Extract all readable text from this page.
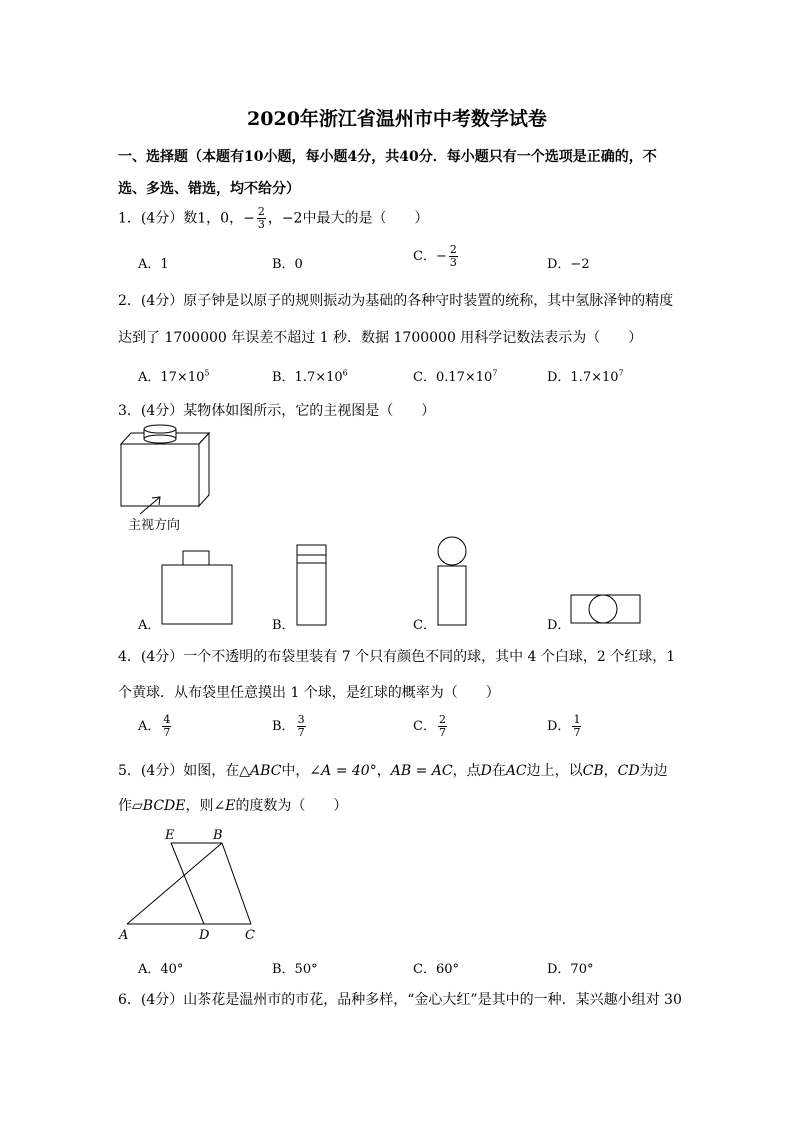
2020年浙江省温州市中考数学试卷
一、选择题（本题有10小题，每小题4分，共40分．每小题只有一个选项是正确的，不
选、多选、错选，均不给分）
1．(4分）数1，0，− $\frac{2}{3}$ ，−2中最大的是（　　）
A．1	B．0
C．− $\frac{2}{3}$	D．−2
2．(4分）原子钟是以原子的规则振动为基础的各种守时装置的统称，其中氢脉泽钟的精度
达到了 1700000 年误差不超过 1 秒．数据 1700000 用科学记数法表示为（　　）
A．$17\times 10^5$	B．$1.7\times 10^6$	C．$0.17\times 10^7$	D．$1.7\times 10^7$
3．(4分）某物体如图所示，它的主视图是（　　）
主视方向
A．	B．	C．	D．
4．(4分）一个不透明的布袋里装有 7 个只有颜色不同的球，其中 4 个白球，2 个红球，1
个黄球．从布袋里任意摸出 1 个球，是红球的概率为（　　）
A． $\frac{4}{7}$	B． $\frac{3}{7}$	C． $\frac{2}{7}$	D． $\frac{1}{7}$
5．(4分）如图，在△ABC中，∠A = 40°，AB = AC，点D在AC边上，以CB，CD为边
作▱BCDE，则∠E的度数为（　　）
E	B
A	D	C
A．40°	B．50°	C．60°	D．70°
6．(4分）山茶花是温州市的市花，品种多样，“金心大红”是其中的一种．某兴趣小组对 30
